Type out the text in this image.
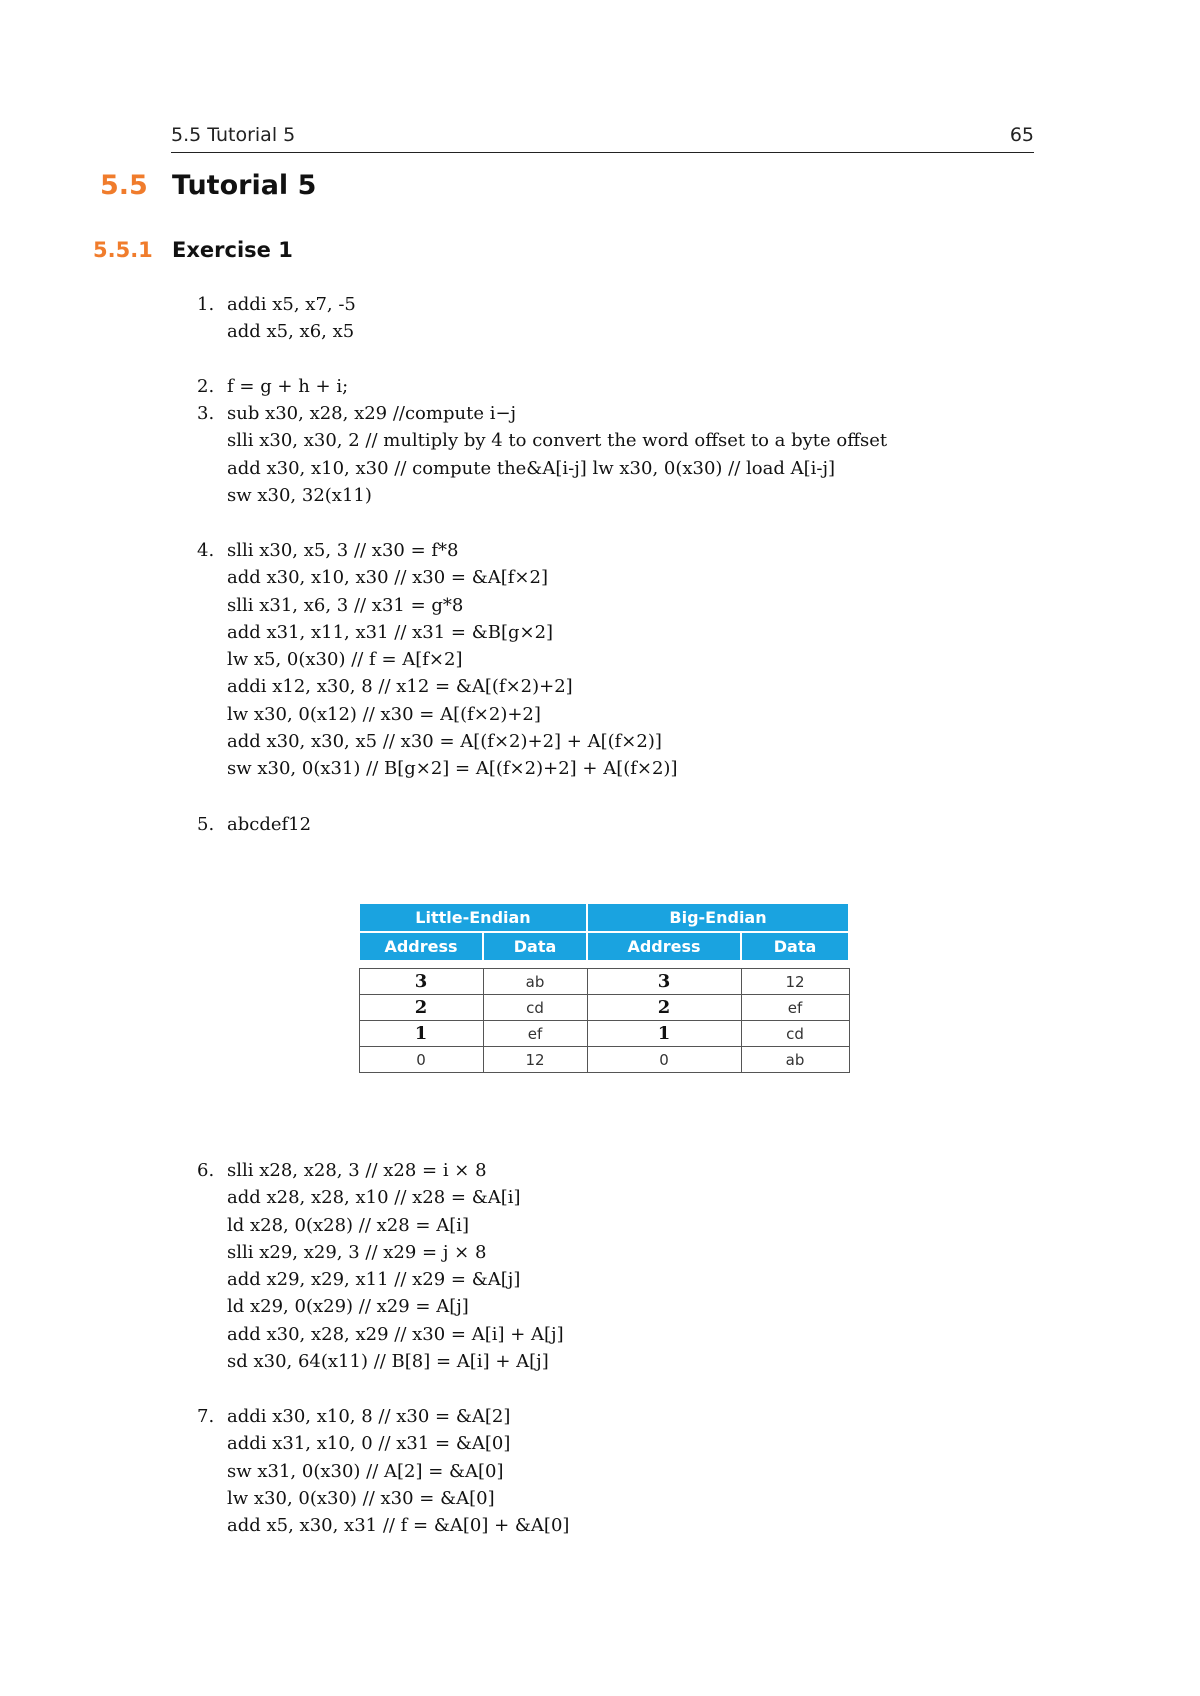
5.5 Tutorial 5	65
5.5 Tutorial 5
5.5.1 Exercise 1
1. addi x5, x7, -5
add x5, x6, x5
2. f = g + h + i;
3. sub x30, x28, x29 //compute i−j
slli x30, x30, 2 // multiply by 4 to convert the word offset to a byte offset
add x30, x10, x30 // compute the&A[i-j] lw x30, 0(x30) // load A[i-j]
sw x30, 32(x11)
4. slli x30, x5, 3 // x30 = f*8
add x30, x10, x30 // x30 = &A[f×2]
slli x31, x6, 3 // x31 = g*8
add x31, x11, x31 // x31 = &B[g×2]
lw x5, 0(x30) // f = A[f×2]
addi x12, x30, 8 // x12 = &A[(f×2)+2]
lw x30, 0(x12) // x30 = A[(f×2)+2]
add x30, x30, x5 // x30 = A[(f×2)+2] + A[(f×2)]
sw x30, 0(x31) // B[g×2] = A[(f×2)+2] + A[(f×2)]
5. abcdef12
Little-Endian		Big-Endian	
Address	Data	Address	Data

3	ab	3	12
2	cd	2	ef
1	ef	1	cd
0	12	0	ab
6. slli x28, x28, 3 // x28 = i × 8
add x28, x28, x10 // x28 = &A[i]
ld x28, 0(x28) // x28 = A[i]
slli x29, x29, 3 // x29 = j × 8
add x29, x29, x11 // x29 = &A[j]
ld x29, 0(x29) // x29 = A[j]
add x30, x28, x29 // x30 = A[i] + A[j]
sd x30, 64(x11) // B[8] = A[i] + A[j]
7. addi x30, x10, 8 // x30 = &A[2]
addi x31, x10, 0 // x31 = &A[0]
sw x31, 0(x30) // A[2] = &A[0]
lw x30, 0(x30) // x30 = &A[0]
add x5, x30, x31 // f = &A[0] + &A[0]
